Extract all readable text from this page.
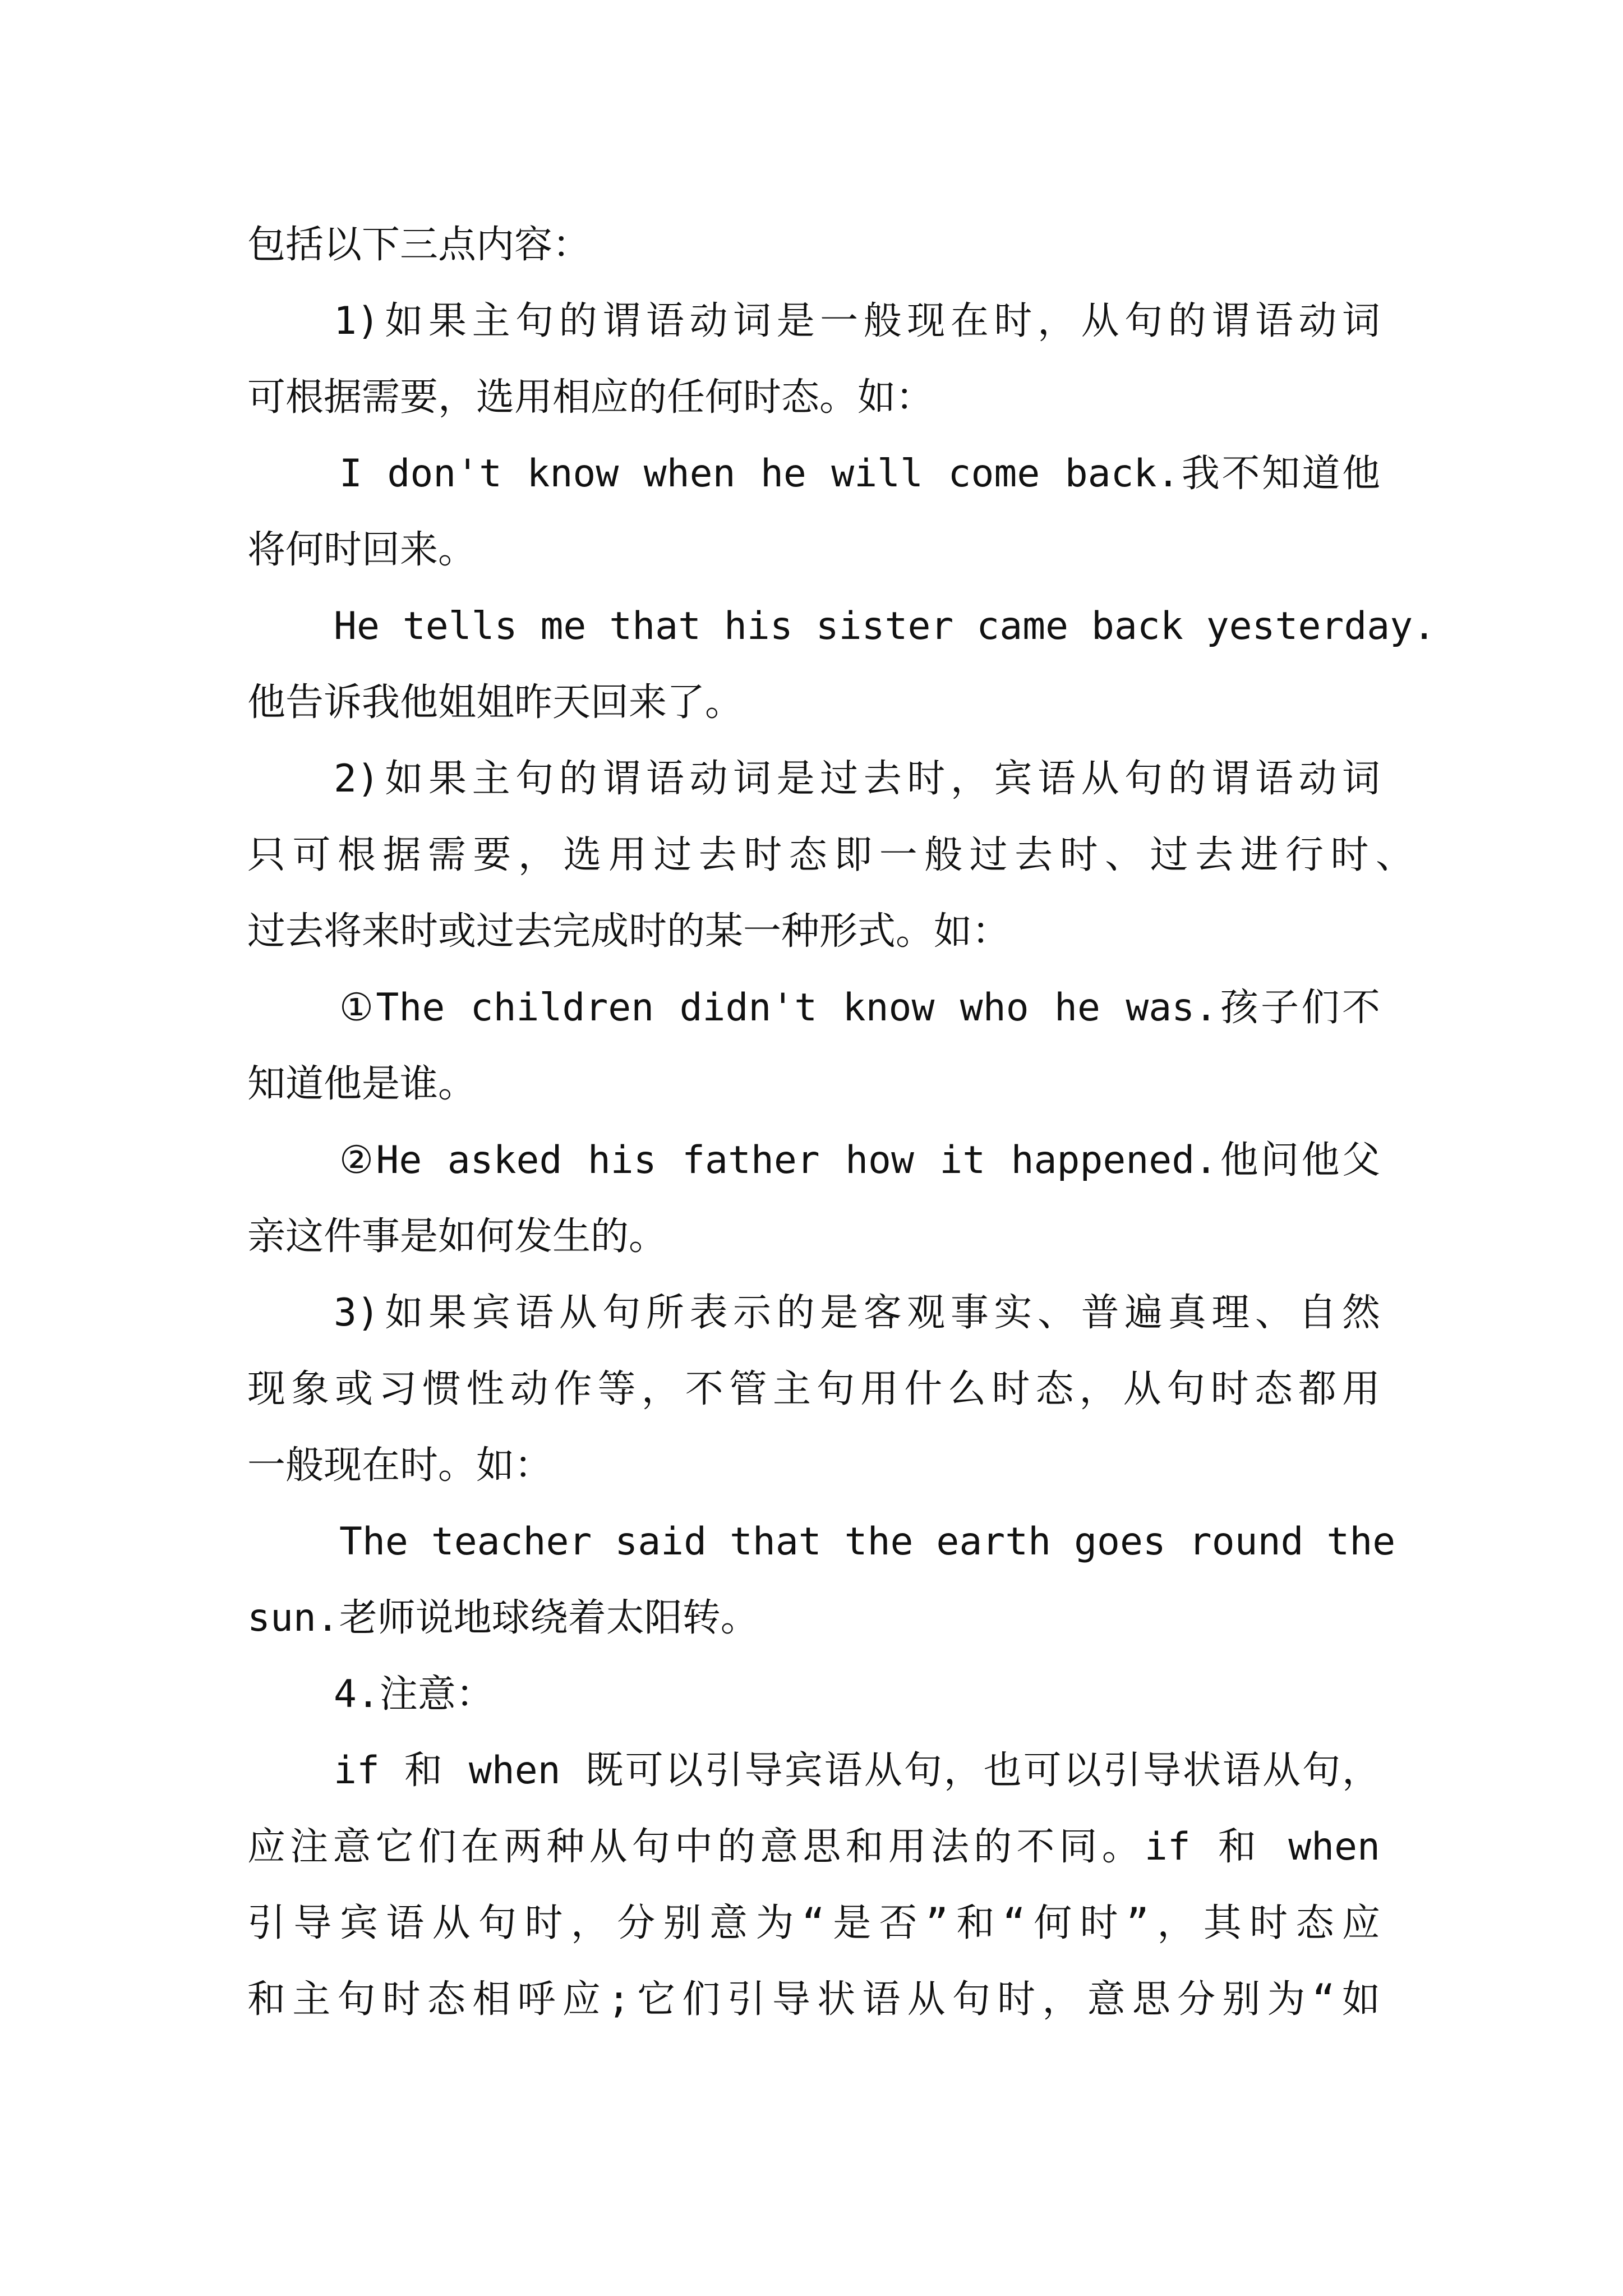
包括以下三点内容：
1)如果主句的谓语动词是一般现在时，从句的谓语动词
可根据需要，选用相应的任何时态。如：
I don't know when he will come back.我不知道他
将何时回来。
He tells me that his sister came back yesterday.
他告诉我他姐姐昨天回来了。
2)如果主句的谓语动词是过去时，宾语从句的谓语动词
只可根据需要，选用过去时态即一般过去时、过去进行时、
过去将来时或过去完成时的某一种形式。如：
①The children didn't know who he was.孩子们不
知道他是谁。
②He asked his father how it happened.他问他父
亲这件事是如何发生的。
3)如果宾语从句所表示的是客观事实、普遍真理、自然
现象或习惯性动作等，不管主句用什么时态，从句时态都用
一般现在时。如：
The teacher said that the earth goes round the
sun.老师说地球绕着太阳转。
4.注意：
if 和 when 既可以引导宾语从句，也可以引导状语从句，
应注意它们在两种从句中的意思和用法的不同。if 和 when
引导宾语从句时，分别意为“是否”和“何时”，其时态应
和主句时态相呼应;它们引导状语从句时，意思分别为“如
